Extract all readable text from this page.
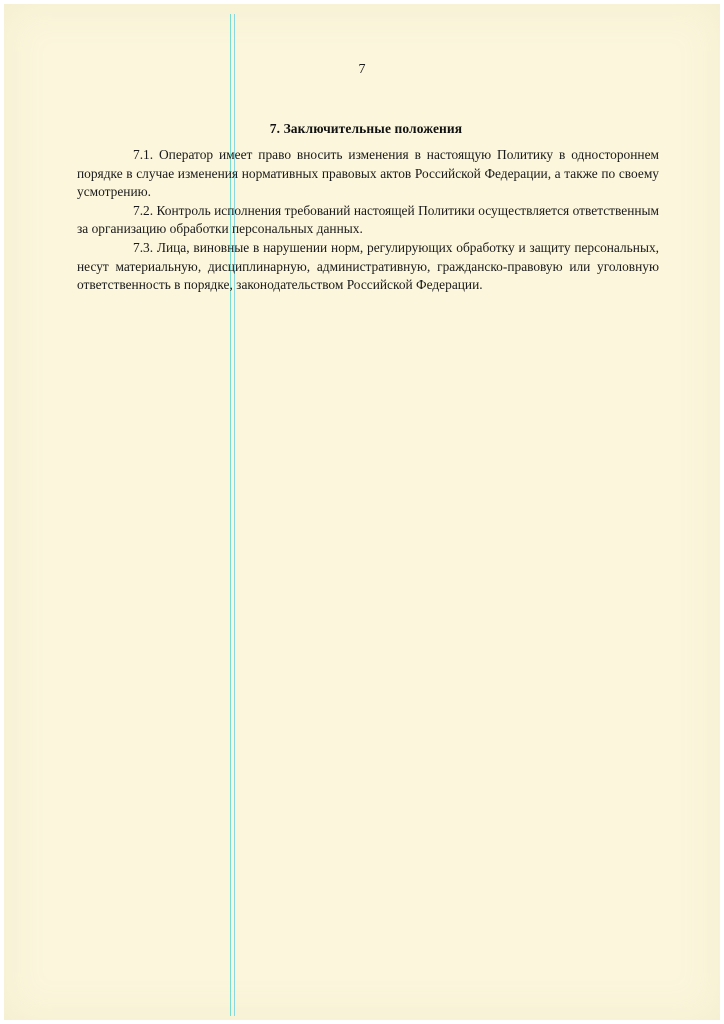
7
7. Заключительные положения

7.1. Оператор имеет право вносить изменения в настоящую Политику в одностороннем порядке в случае изменения нормативных правовых актов Российской Федерации, а также по своему усмотрению.

7.2. Контроль исполнения требований настоящей Политики осуществляется ответственным за организацию обработки персональных данных.

7.3. Лица, виновные в нарушении норм, регулирующих обработку и защиту персональных, несут материальную, дисциплинарную, административную, гражданско-правовую или уголовную ответственность в порядке, законодательством Российской Федерации.
